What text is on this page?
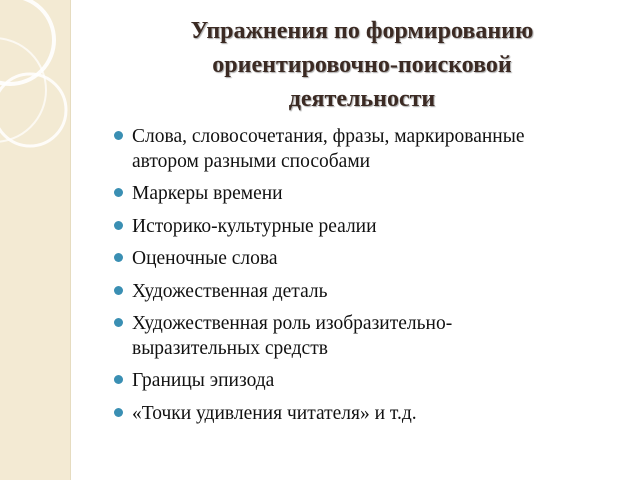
Упражнения по формированию
ориентировочно-поисковой
деятельности
Слова, словосочетания, фразы, маркированные
автором разными способами
Маркеры времени
Историко-культурные реалии
Оценочные слова
Художественная деталь
Художественная роль изобразительно-
выразительных средств
Границы эпизода
«Точки удивления читателя» и т.д.
